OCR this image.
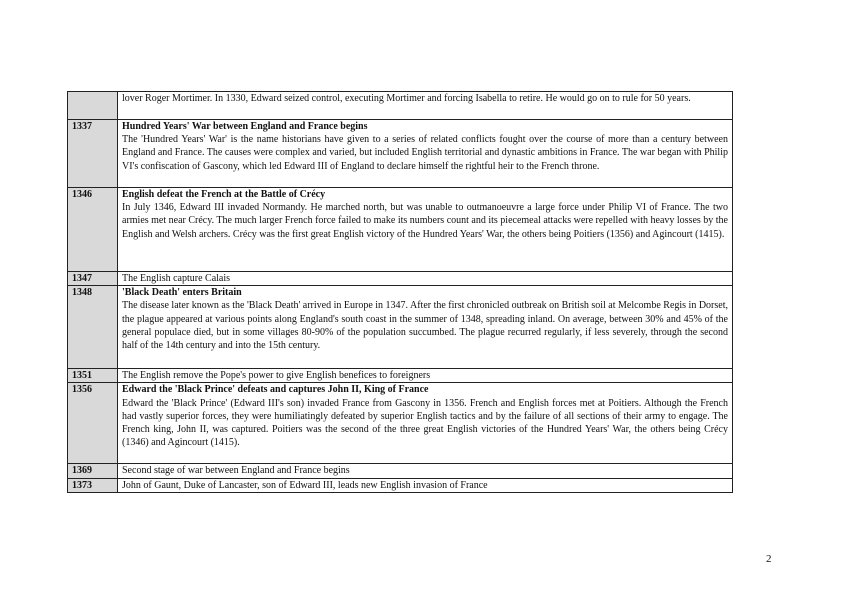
	lover Roger Mortimer. In 1330, Edward seized control, executing Mortimer and forcing Isabella to retire. He would go on to rule for 50 years.

1337	Hundred Years' War between England and France begins
The 'Hundred Years' War' is the name historians have given to a series of related conflicts fought over the course of more than a century between England and France. The causes were complex and varied, but included English territorial and dynastic ambitions in France. The war began with Philip VI's confiscation of Gascony, which led Edward III of England to declare himself the rightful heir to the French throne.

1346	English defeat the French at the Battle of Crécy
In July 1346, Edward III invaded Normandy. He marched north, but was unable to outmanoeuvre a large force under Philip VI of France. The two armies met near Crécy. The much larger French force failed to make its numbers count and its piecemeal attacks were repelled with heavy losses by the English and Welsh archers. Crécy was the first great English victory of the Hundred Years' War, the others being Poitiers (1356) and Agincourt (1415).

1347	The English capture Calais

1348	'Black Death' enters Britain
The disease later known as the 'Black Death' arrived in Europe in 1347. After the first chronicled outbreak on British soil at Melcombe Regis in Dorset, the plague appeared at various points along England's south coast in the summer of 1348, spreading inland. On average, between 30% and 45% of the general populace died, but in some villages 80-90% of the population succumbed. The plague recurred regularly, if less severely, through the second half of the 14th century and into the 15th century.

1351	The English remove the Pope's power to give English benefices to foreigners

1356	Edward the 'Black Prince' defeats and captures John II, King of France
Edward the 'Black Prince' (Edward III's son) invaded France from Gascony in 1356. French and English forces met at Poitiers. Although the French had vastly superior forces, they were humiliatingly defeated by superior English tactics and by the failure of all sections of their army to engage. The French king, John II, was captured. Poitiers was the second of the three great English victories of the Hundred Years' War, the others being Crécy (1346) and Agincourt (1415).

1369	Second stage of war between England and France begins

1373	John of Gaunt, Duke of Lancaster, son of Edward III, leads new English invasion of France
2
